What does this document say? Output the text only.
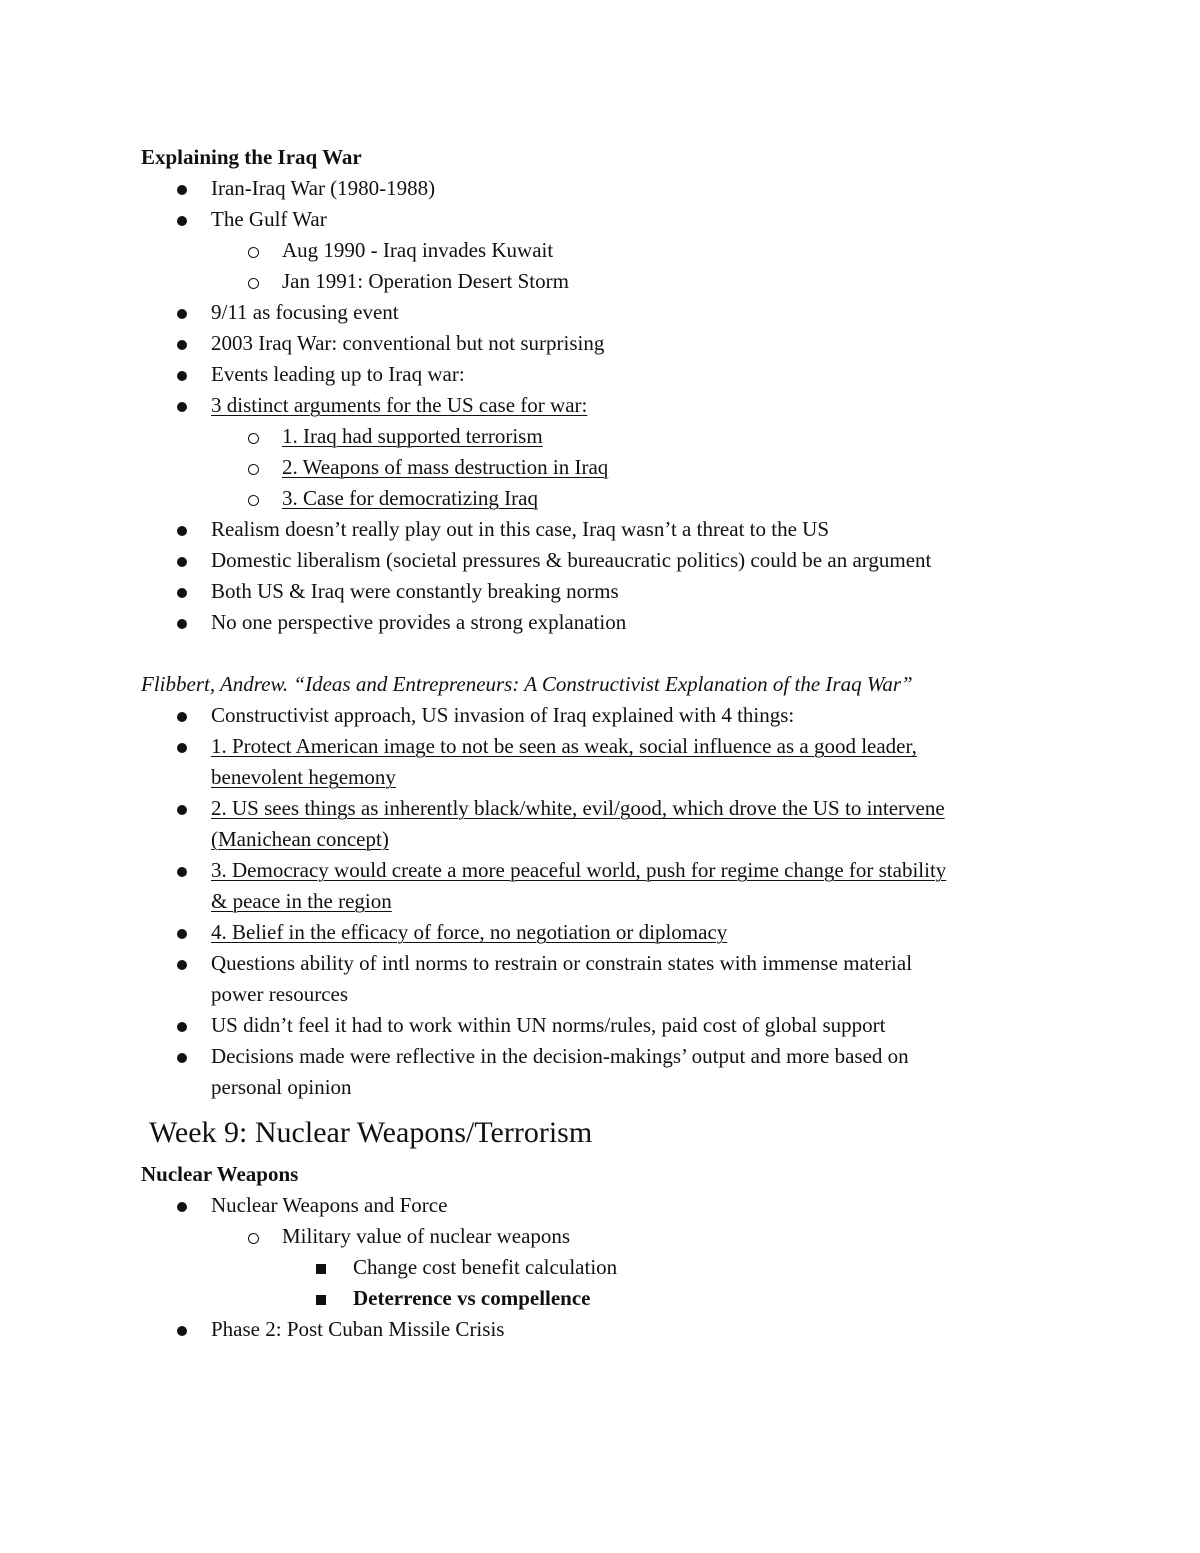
Explaining the Iraq War
Iran-Iraq War (1980-1988)
The Gulf War
Aug 1990 - Iraq invades Kuwait
Jan 1991: Operation Desert Storm
9/11 as focusing event
2003 Iraq War: conventional but not surprising
Events leading up to Iraq war:
3 distinct arguments for the US case for war:
1. Iraq had supported terrorism
2. Weapons of mass destruction in Iraq
3. Case for democratizing Iraq
Realism doesn’t really play out in this case, Iraq wasn’t a threat to the US
Domestic liberalism (societal pressures & bureaucratic politics) could be an argument
Both US & Iraq were constantly breaking norms
No one perspective provides a strong explanation
Flibbert, Andrew. “Ideas and Entrepreneurs: A Constructivist Explanation of the Iraq War”
Constructivist approach, US invasion of Iraq explained with 4 things:
1. Protect American image to not be seen as weak, social influence as a good leader,
benevolent hegemony
2. US sees things as inherently black/white, evil/good, which drove the US to intervene
(Manichean concept)
3. Democracy would create a more peaceful world, push for regime change for stability
& peace in the region
4. Belief in the efficacy of force, no negotiation or diplomacy
Questions ability of intl norms to restrain or constrain states with immense material
power resources
US didn’t feel it had to work within UN norms/rules, paid cost of global support
Decisions made were reflective in the decision-makings’ output and more based on
personal opinion
Week 9: Nuclear Weapons/Terrorism
Nuclear Weapons
Nuclear Weapons and Force
Military value of nuclear weapons
Change cost benefit calculation
Deterrence vs compellence
Phase 2: Post Cuban Missile Crisis
